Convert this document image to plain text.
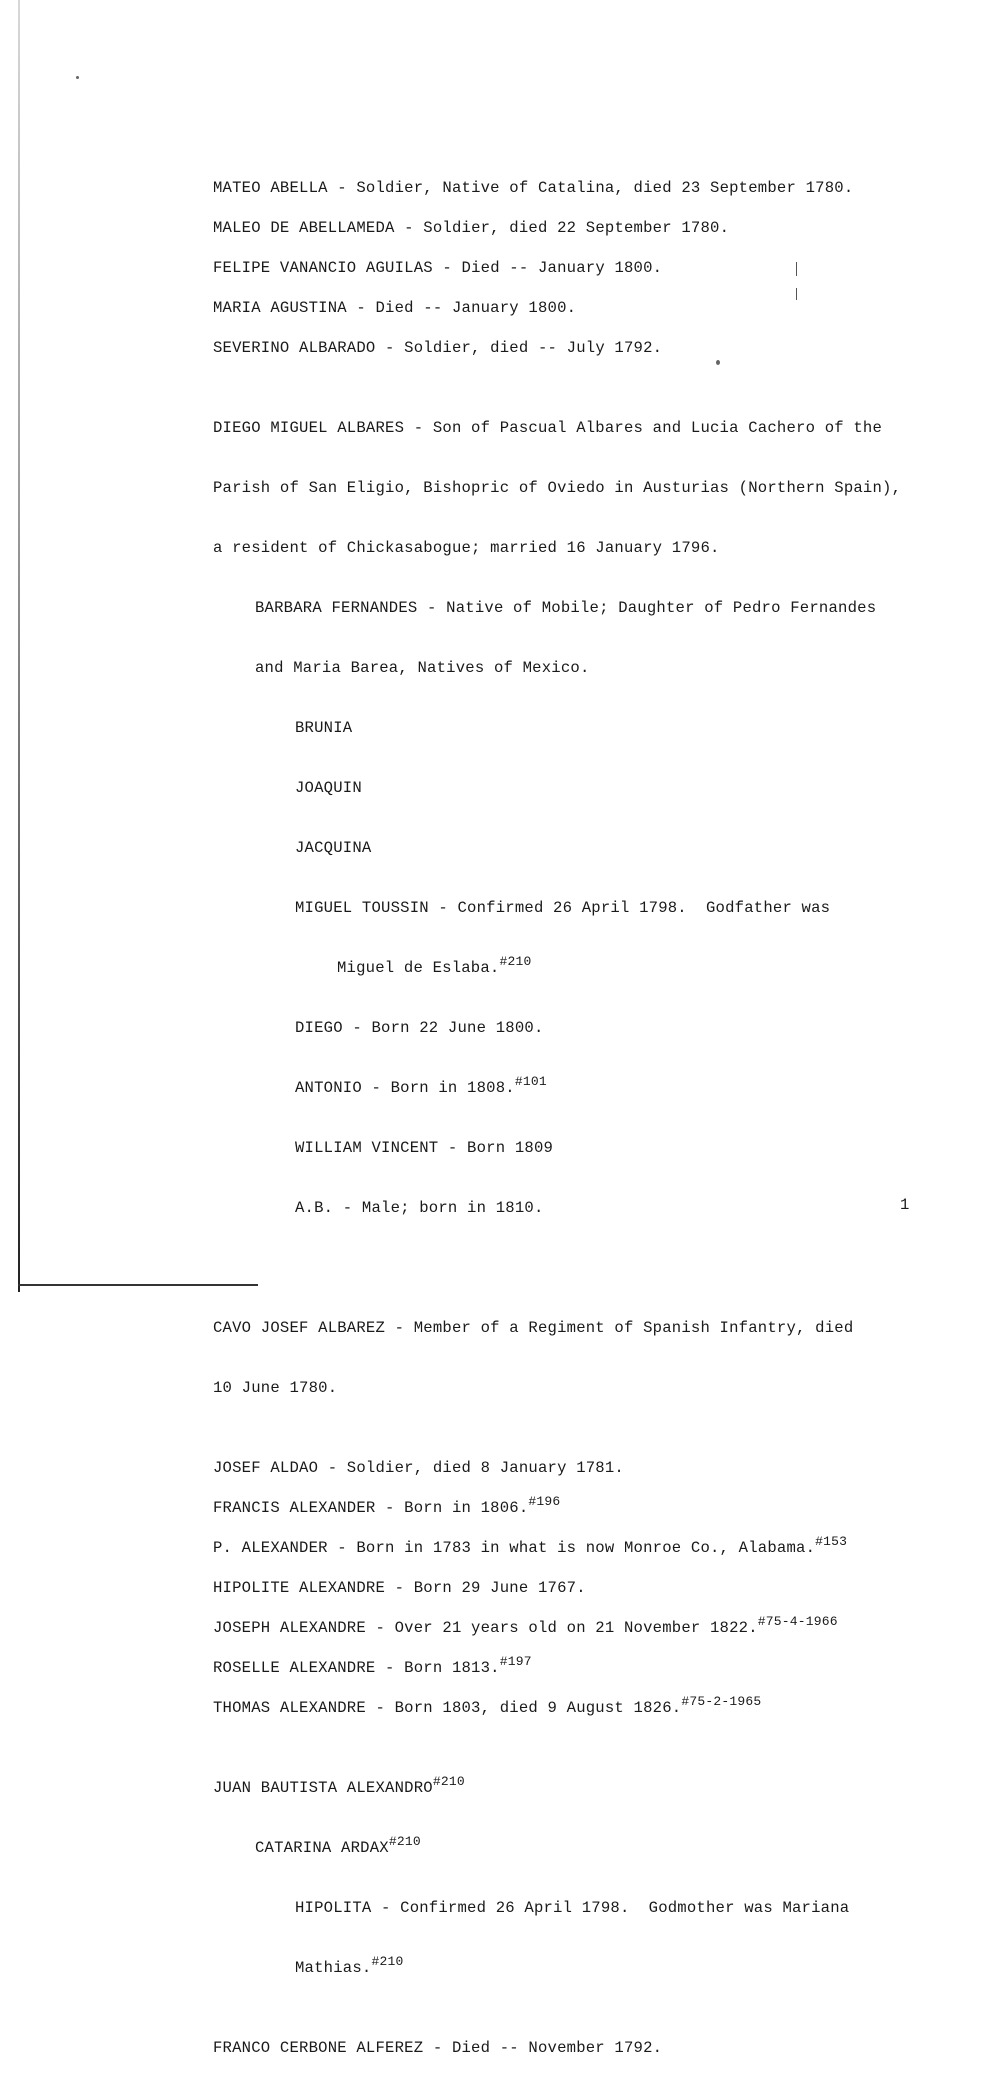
MATEO ABELLA - Soldier, Native of Catalina, died 23 September 1780.
MALEO DE ABELLAMEDA - Soldier, died 22 September 1780.
FELIPE VANANCIO AGUILAS - Died -- January 1800.
MARIA AGUSTINA - Died -- January 1800.
SEVERINO ALBARADO - Soldier, died -- July 1792.

DIEGO MIGUEL ALBARES - Son of Pascual Albares and Lucia Cachero of the

Parish of San Eligio, Bishopric of Oviedo in Austurias (Northern Spain),

a resident of Chickasabogue; married 16 January 1796.

BARBARA FERNANDES - Native of Mobile; Daughter of Pedro Fernandes

and Maria Barea, Natives of Mexico.

BRUNIA

JOAQUIN

JACQUINA

MIGUEL TOUSSIN - Confirmed 26 April 1798.  Godfather was

Miguel de Eslaba.$^{\#210}$

DIEGO - Born 22 June 1800.

ANTONIO - Born in 1808.$^{\#101}$

WILLIAM VINCENT - Born 1809

A.B. - Male; born in 1810.

CAVO JOSEF ALBAREZ - Member of a Regiment of Spanish Infantry, died

10 June 1780.

JOSEF ALDAO - Soldier, died 8 January 1781.
FRANCIS ALEXANDER - Born in 1806.$^{\#196}$
P. ALEXANDER - Born in 1783 in what is now Monroe Co., Alabama.$^{\#153}$
HIPOLITE ALEXANDRE - Born 29 June 1767.
JOSEPH ALEXANDRE - Over 21 years old on 21 November 1822.$^{\#75-4-1966}$
ROSELLE ALEXANDRE - Born 1813.$^{\#197}$
THOMAS ALEXANDRE - Born 1803, died 9 August 1826.$^{\#75-2-1965}$

JUAN BAUTISTA ALEXANDRO$^{\#210}$

CATARINA ARDAX$^{\#210}$

HIPOLITA - Confirmed 26 April 1798.  Godmother was Mariana

Mathias.$^{\#210}$

FRANCO CERBONE ALFEREZ - Died -- November 1792.
1
